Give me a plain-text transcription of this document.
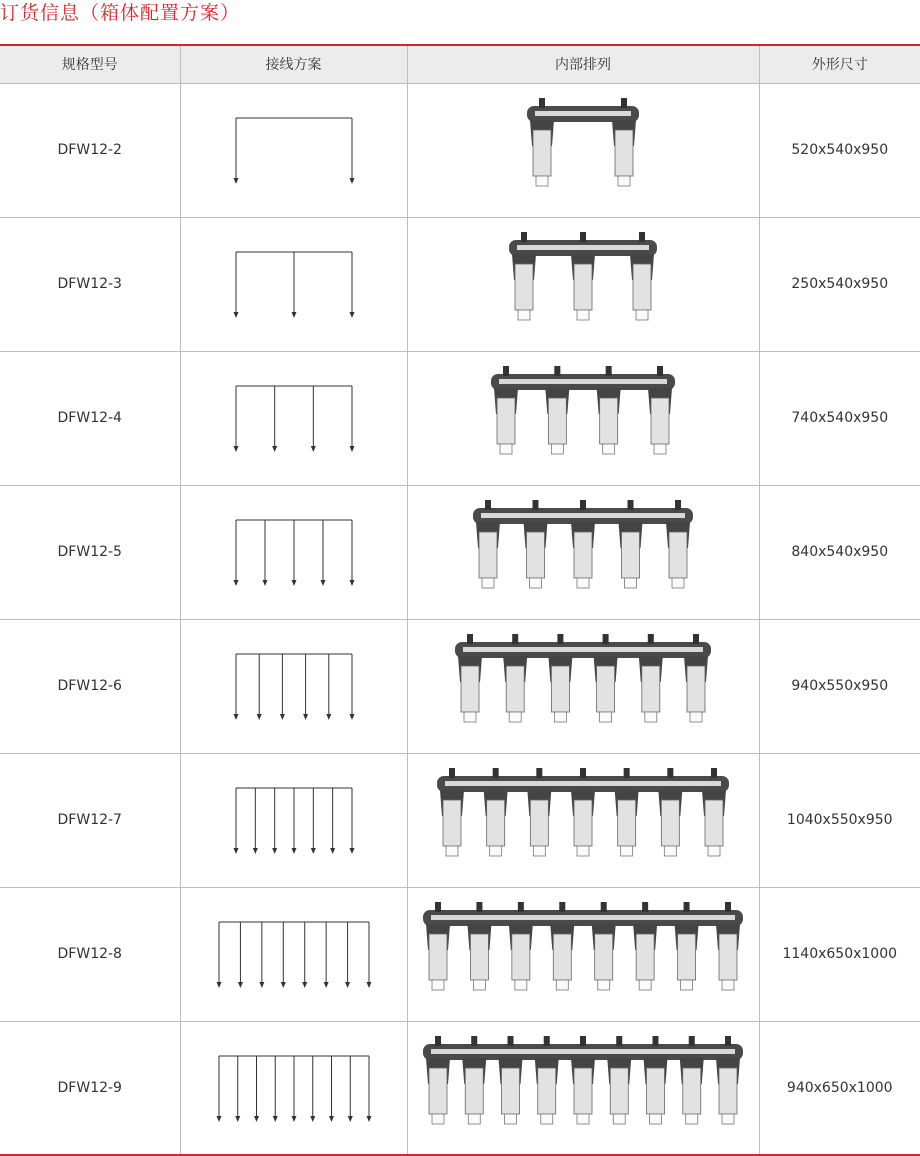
订货信息（箱体配置方案）
规格型号	接线方案	内部排列	外形尺寸
DFW12-2			520x540x950
DFW12-3			250x540x950
DFW12-4			740x540x950
DFW12-5			840x540x950
DFW12-6			940x550x950
DFW12-7			1040x550x950
DFW12-8			1140x650x1000
DFW12-9			940x650x1000
